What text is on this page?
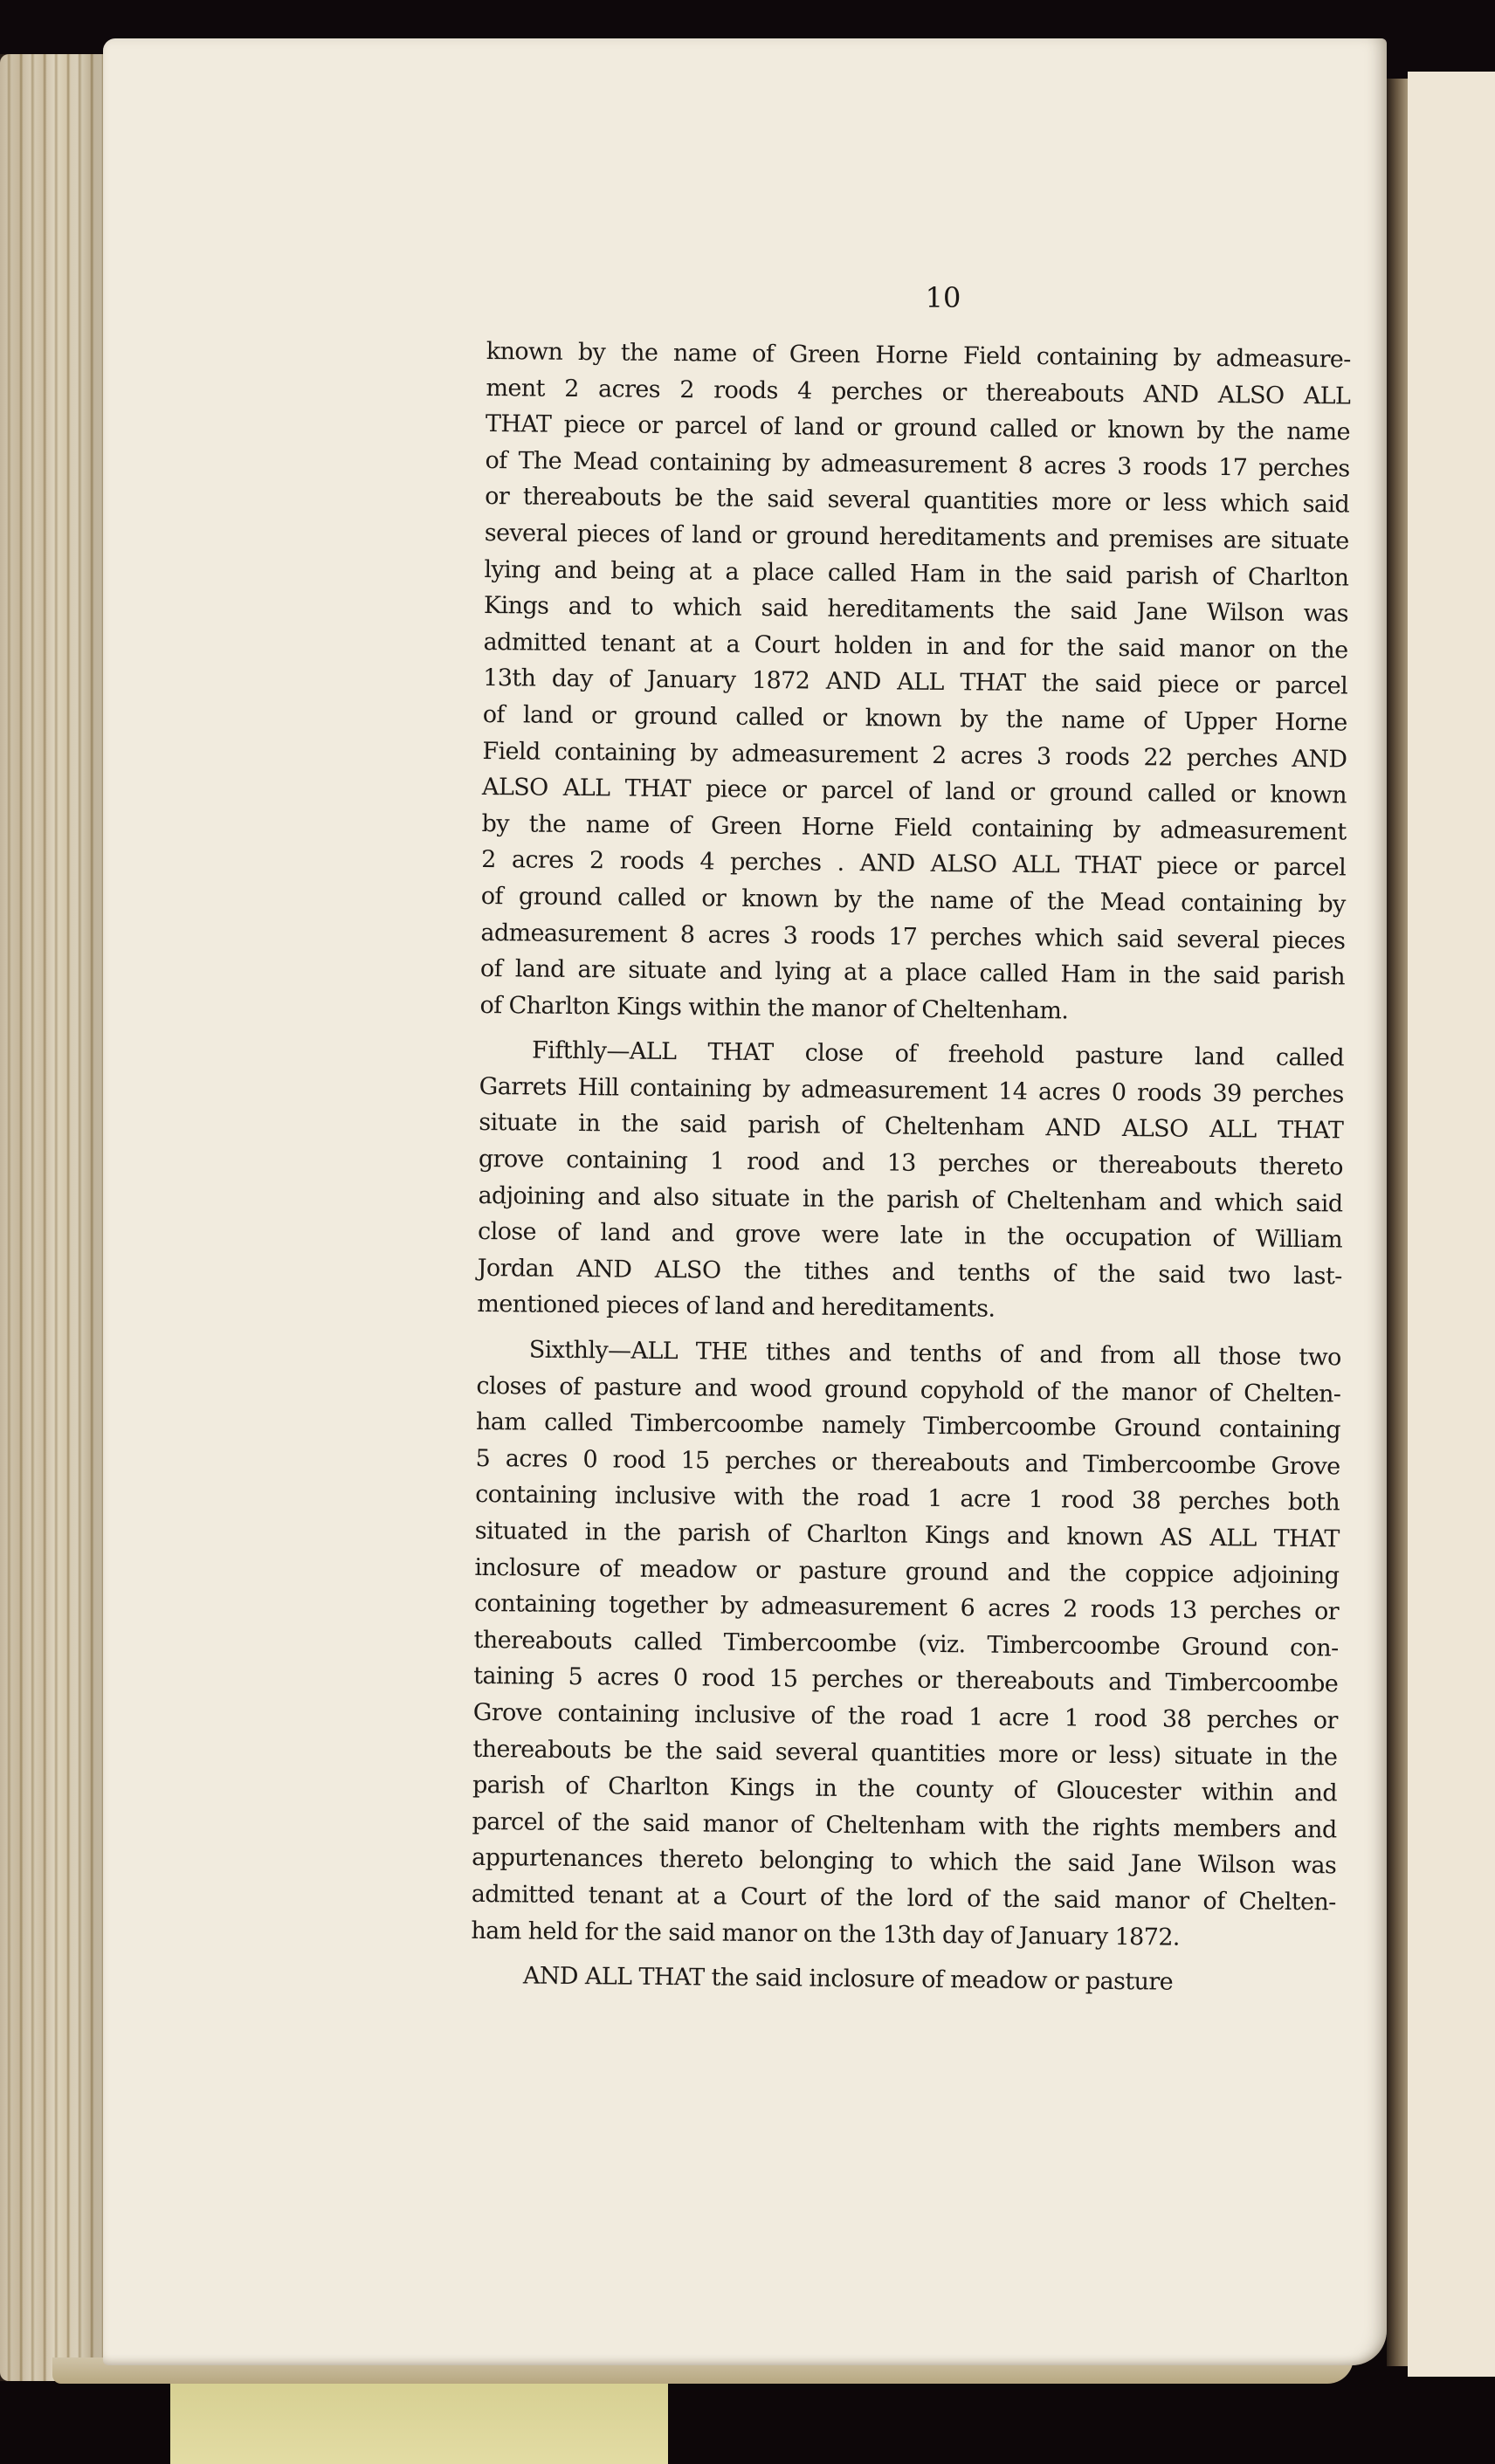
10
known by the name of Green Horne Field containing by admeasure-
ment 2 acres 2 roods 4 perches or thereabouts AND ALSO ALL
THAT piece or parcel of land or ground called or known by the name
of The Mead containing by admeasurement 8 acres 3 roods 17 perches
or thereabouts be the said several quantities more or less which said
several pieces of land or ground hereditaments and premises are situate
lying and being at a place called Ham in the said parish of Charlton
Kings and to which said hereditaments the said Jane Wilson was
admitted tenant at a Court holden in and for the said manor on the
13th day of January 1872 AND ALL THAT the said piece or parcel
of land or ground called or known by the name of Upper Horne
Field containing by admeasurement 2 acres 3 roods 22 perches AND
ALSO ALL THAT piece or parcel of land or ground called or known
by the name of Green Horne Field containing by admeasurement
2 acres 2 roods 4 perches . AND ALSO ALL THAT piece or parcel
of ground called or known by the name of the Mead containing by
admeasurement 8 acres 3 roods 17 perches which said several pieces
of land are situate and lying at a place called Ham in the said parish
of Charlton Kings within the manor of Cheltenham.
Fifthly—ALL THAT close of freehold pasture land called
Garrets Hill containing by admeasurement 14 acres 0 roods 39 perches
situate in the said parish of Cheltenham AND ALSO ALL THAT
grove containing 1 rood and 13 perches or thereabouts thereto
adjoining and also situate in the parish of Cheltenham and which said
close of land and grove were late in the occupation of William
Jordan AND ALSO the tithes and tenths of the said two last-
mentioned pieces of land and hereditaments.
Sixthly—ALL THE tithes and tenths of and from all those two
closes of pasture and wood ground copyhold of the manor of Chelten-
ham called Timbercoombe namely Timbercoombe Ground containing
5 acres 0 rood 15 perches or thereabouts and Timbercoombe Grove
containing inclusive with the road 1 acre 1 rood 38 perches both
situated in the parish of Charlton Kings and known AS ALL THAT
inclosure of meadow or pasture ground and the coppice adjoining
containing together by admeasurement 6 acres 2 roods 13 perches or
thereabouts called Timbercoombe (viz. Timbercoombe Ground con-
taining 5 acres 0 rood 15 perches or thereabouts and Timbercoombe
Grove containing inclusive of the road 1 acre 1 rood 38 perches or
thereabouts be the said several quantities more or less) situate in the
parish of Charlton Kings in the county of Gloucester within and
parcel of the said manor of Cheltenham with the rights members and
appurtenances thereto belonging to which the said Jane Wilson was
admitted tenant at a Court of the lord of the said manor of Chelten-
ham held for the said manor on the 13th day of January 1872.
AND ALL THAT the said inclosure of meadow or pasture
